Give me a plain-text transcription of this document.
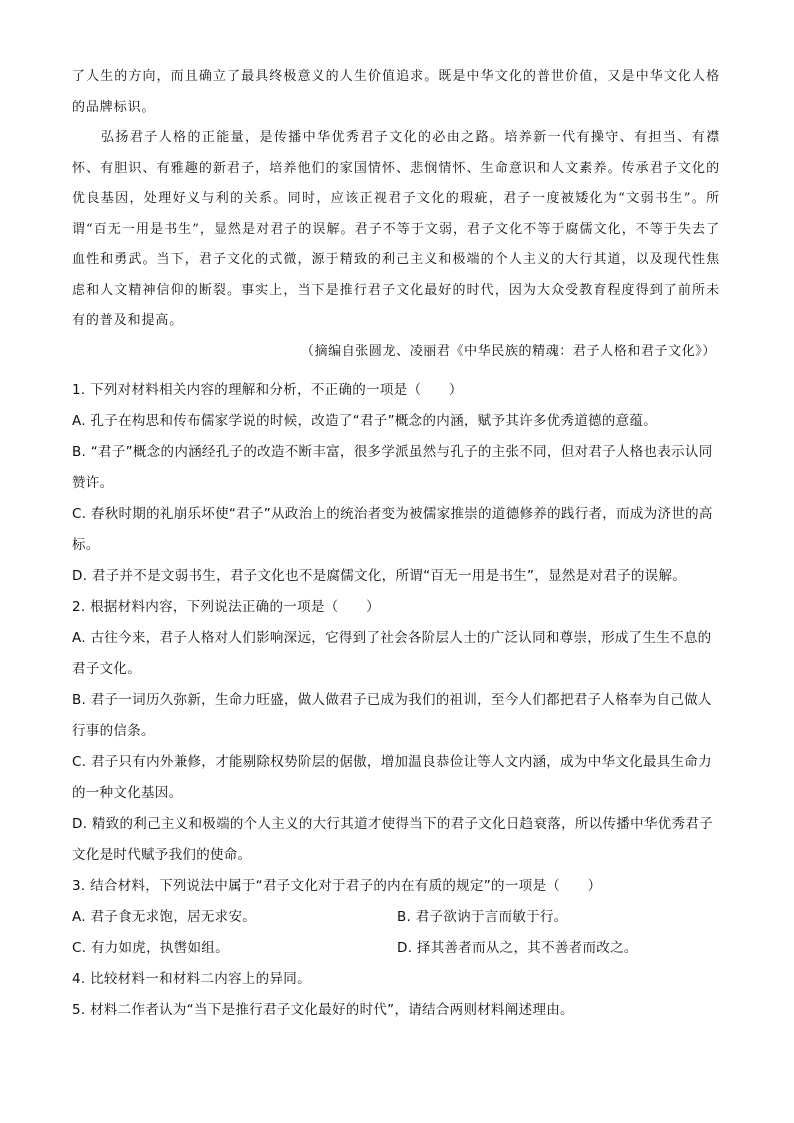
了人生的方向，而且确立了最具终极意义的人生价值追求。既是中华文化的普世价值，又是中华文化人格的品牌标识。

弘扬君子人格的正能量，是传播中华优秀君子文化的必由之路。培养新一代有操守、有担当、有襟怀、有胆识、有雅趣的新君子，培养他们的家国情怀、悲悯情怀、生命意识和人文素养。传承君子文化的优良基因，处理好义与利的关系。同时，应该正视君子文化的瑕疵，君子一度被矮化为“文弱书生”。所谓“百无一用是书生”，显然是对君子的误解。君子不等于文弱，君子文化不等于腐儒文化，不等于失去了血性和勇武。当下，君子文化的式微，源于精致的利己主义和极端的个人主义的大行其道，以及现代性焦虑和人文精神信仰的断裂。事实上，当下是推行君子文化最好的时代，因为大众受教育程度得到了前所未有的普及和提高。

（摘编自张圆龙、凌丽君《中华民族的精魂：君子人格和君子文化》）

1. 下列对材料相关内容的理解和分析，不正确的一项是（　　）

A. 孔子在构思和传布儒家学说的时候，改造了“君子”概念的内涵，赋予其许多优秀道德的意蕴。

B. “君子”概念的内涵经孔子的改造不断丰富，很多学派虽然与孔子的主张不同，但对君子人格也表示认同赞许。

C. 春秋时期的礼崩乐坏使“君子”从政治上的统治者变为被儒家推崇的道德修养的践行者，而成为济世的高标。

D. 君子并不是文弱书生，君子文化也不是腐儒文化，所谓“百无一用是书生”，显然是对君子的误解。

2. 根据材料内容，下列说法正确的一项是（　　）

A. 古往今来，君子人格对人们影响深远，它得到了社会各阶层人士的广泛认同和尊崇，形成了生生不息的君子文化。

B. 君子一词历久弥新，生命力旺盛，做人做君子已成为我们的祖训，至今人们都把君子人格奉为自己做人行事的信条。

C. 君子只有内外兼修，才能剔除权势阶层的倨傲，增加温良恭俭让等人文内涵，成为中华文化最具生命力的一种文化基因。

D. 精致的利己主义和极端的个人主义的大行其道才使得当下的君子文化日趋衰落，所以传播中华优秀君子文化是时代赋予我们的使命。

3. 结合材料，下列说法中属于“君子文化对于君子的内在有质的规定”的一项是（　　）

A. 君子食无求饱，居无求安。	B. 君子欲讷于言而敏于行。
C. 有力如虎，执辔如组。	D. 择其善者而从之，其不善者而改之。

4. 比较材料一和材料二内容上的异同。

5. 材料二作者认为“当下是推行君子文化最好的时代”，请结合两则材料阐述理由。
